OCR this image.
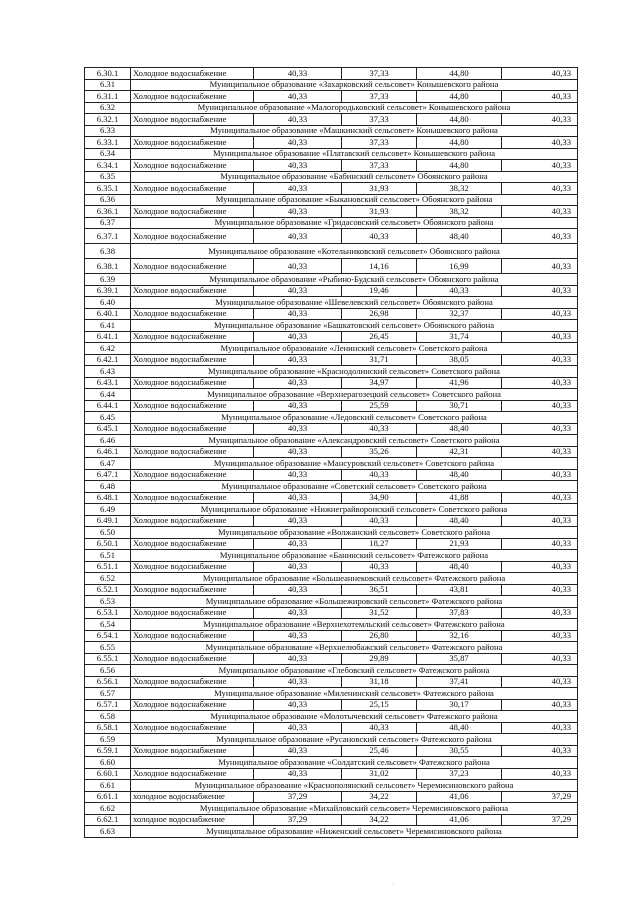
6.30.1	Холодное водоснабжение	40,33	37,33	44,80	40,33
6.31	Муниципальное образование «Захарковский сельсовет» Конышевского района				
6.31.1	Холодное водоснабжение	40,33	37,33	44,80	40,33
6.32	Муниципальное образование «Малогородьковский сельсовет» Конышевского района				
6.32.1	Холодное водоснабжение	40,33	37,33	44,80	40,33
6.33	Муниципальное образование «Машкинский сельсовет» Конышевского района				
6.33.1	Холодное водоснабжение	40,33	37,33	44,80	40,33
6.34	Муниципальное образование «Платавский сельсовет» Конышевского района				
6.34.1	Холодное водоснабжение	40,33	37,33	44,80	40,33
6.35	Муниципальное образование «Бабинский сельсовет» Обоянского района				
6.35.1	Холодное водоснабжение	40,33	31,93	38,32	40,33
6.36	Муниципальное образование «Быкановский сельсовет» Обоянского района				
6.36.1	Холодное водоснабжение	40,33	31,93	38,32	40,33
6.37	Муниципальное образование «Гридасовский сельсовет» Обоянского района				
6.37.1	Холодное водоснабжение	40,33	40,33	48,40	40,33
6.38	Муниципальное образование «Котельниковский сельсовет» Обоянского района				
6.38.1	Холодное водоснабжение	40,33	14,16	16,99	40,33
6.39	Муниципальное образование «Рыбино-Будский сельсовет» Обоянского района				
6.39.1	Холодное водоснабжение	40,33	19,46	40,33	40,33
6.40	Муниципальное образование «Шевелевский сельсовет» Обоянского района				
6.40.1	Холодное водоснабжение	40,33	26,98	32,37	40,33
6.41	Муниципальное образование «Башкатовский сельсовет» Обоянского района				
6.41.1	Холодное водоснабжение	40,33	26,45	31,74	40,33
6.42	Муниципальное образование «Ленинский сельсовет» Советского района				
6.42.1	Холодное водоснабжение	40,33	31,71	38,05	40,33
6.43	Муниципальное образование «Краснодолинский сельсовет» Советского района				
6.43.1	Холодное водоснабжение	40,33	34,97	41,96	40,33
6.44	Муниципальное образование «Верхнерагозецкий сельсовет» Советского района				
6.44.1	Холодное водоснабжение	40,33	25,59	30,71	40,33
6.45	Муниципальное образование «Ледовский сельсовет» Советского района				
6.45.1	Холодное водоснабжение	40,33	40,33	48,40	40,33
6.46	Муниципальное образование «Александровский сельсовет» Советского района				
6.46.1	Холодное водоснабжение	40,33	35,26	42,31	40,33
6.47	Муниципальное образование «Мансуровский сельсовет» Советского района				
6.47.1	Холодное водоснабжение	40,33	40,33	48,40	40,33
6.48	Муниципальное образование «Советский сельсовет» Советского района				
6.48.1	Холодное водоснабжение	40,33	34,90	41,88	40,33
6.49	Муниципальное образование «Нижнеграйворонский сельсовет» Советского района				
6.49.1	Холодное водоснабжение	40,33	40,33	48,40	40,33
6.50	Муниципальное образование «Волжанский сельсовет» Советского района				
6.50.1	Холодное водоснабжение	40,33	18,27	21,93	40,33
6.51	Муниципальное образование «Банинский сельсовет» Фатежского района				
6.51.1	Холодное водоснабжение	40,33	40,33	48,40	40,33
6.52	Муниципальное образование «Большеаннековский сельсовет» Фатежского района				
6.52.1	Холодное водоснабжение	40,33	36,51	43,81	40,33
6.53	Муниципальное образование «Большежировский сельсовет» Фатежского района				
6.53.1	Холодное водоснабжение	40,33	31,52	37,83	40,33
6.54	Муниципальное образование «Верхнехотемльский сельсовет» Фатежского района				
6.54.1	Холодное водоснабжение	40,33	26,80	32,16	40,33
6.55	Муниципальное образование «Верхнелюбажский сельсовет» Фатежского района				
6.55.1	Холодное водоснабжение	40,33	29,89	35,87	40,33
6.56	Муниципальное образование «Глебовский сельсовет» Фатежского района				
6.56.1	Холодное водоснабжение	40,33	31,18	37,41	40,33
6.57	Муниципальное образование «Миленинский сельсовет» Фатежского района				
6.57.1	Холодное водоснабжение	40,33	25,15	30,17	40,33
6.58	Муниципальное образование «Молотычевский сельсовет» Фатежского района				
6.58.1	Холодное водоснабжение	40,33	40,33	48,40	40,33
6.59	Муниципальное образование «Русановский сельсовет» Фатежского района				
6.59.1	Холодное водоснабжение	40,33	25,46	30,55	40,33
6.60	Муниципальное образование «Солдатский сельсовет» Фатежского района				
6.60.1	Холодное водоснабжение	40,33	31,02	37,23	40,33
6.61	Муниципальное образование «Краснополянский сельсовет» Черемисиновского района				
6.61.1	холодное водоснабжение	37,29	34,22	41,06	37,29
6.62	Муниципальное образование «Михайловский сельсовет» Черемисиновского района				
6.62.1	холодное водоснабжение	37,29	34,22	41,06	37,29
6.63	Муниципальное образование «Ниженский сельсовет» Черемисиновского района				
·
